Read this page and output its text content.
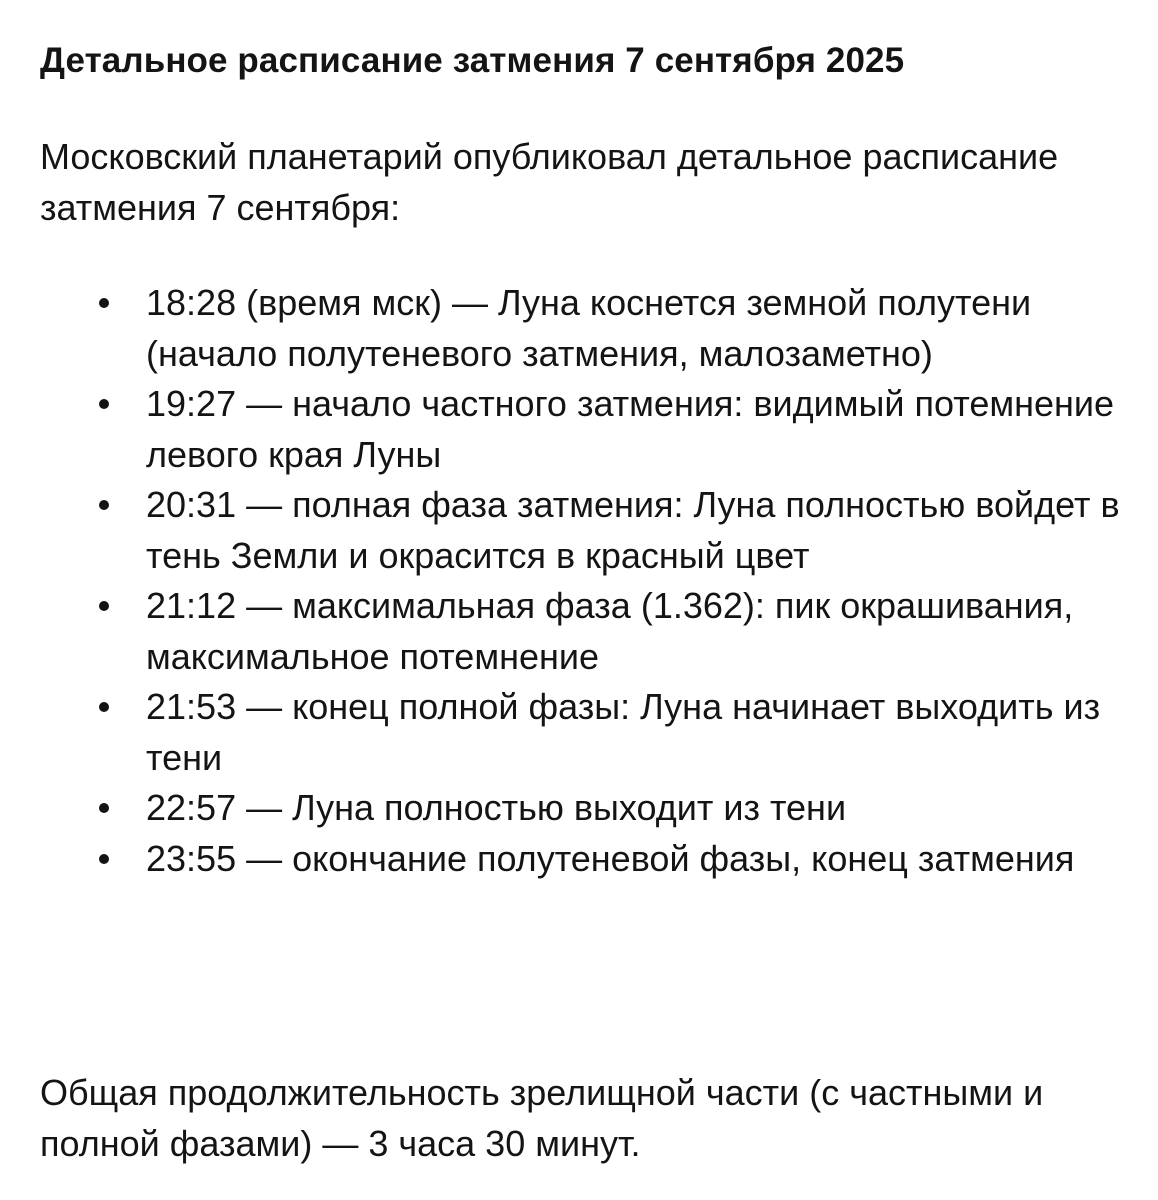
Детальное расписание затмения 7 сентября 2025

Московский планетарий опубликовал детальное расписание затмения 7 сентября:

18:28 (время мск) — Луна коснется земной полутени (начало полутеневого затмения, малозаметно)
19:27 — начало частного затмения: видимый потемнение левого края Луны
20:31 — полная фаза затмения: Луна полностью войдет в тень Земли и окрасится в красный цвет
21:12 — максимальная фаза (1.362): пик окрашивания, максимальное потемнение
21:53 — конец полной фазы: Луна начинает выходить из тени
22:57 — Луна полностью выходит из тени
23:55 — окончание полутеневой фазы, конец затмения

Общая продолжительность зрелищной части (с частными и полной фазами) — 3 часа 30 минут.
